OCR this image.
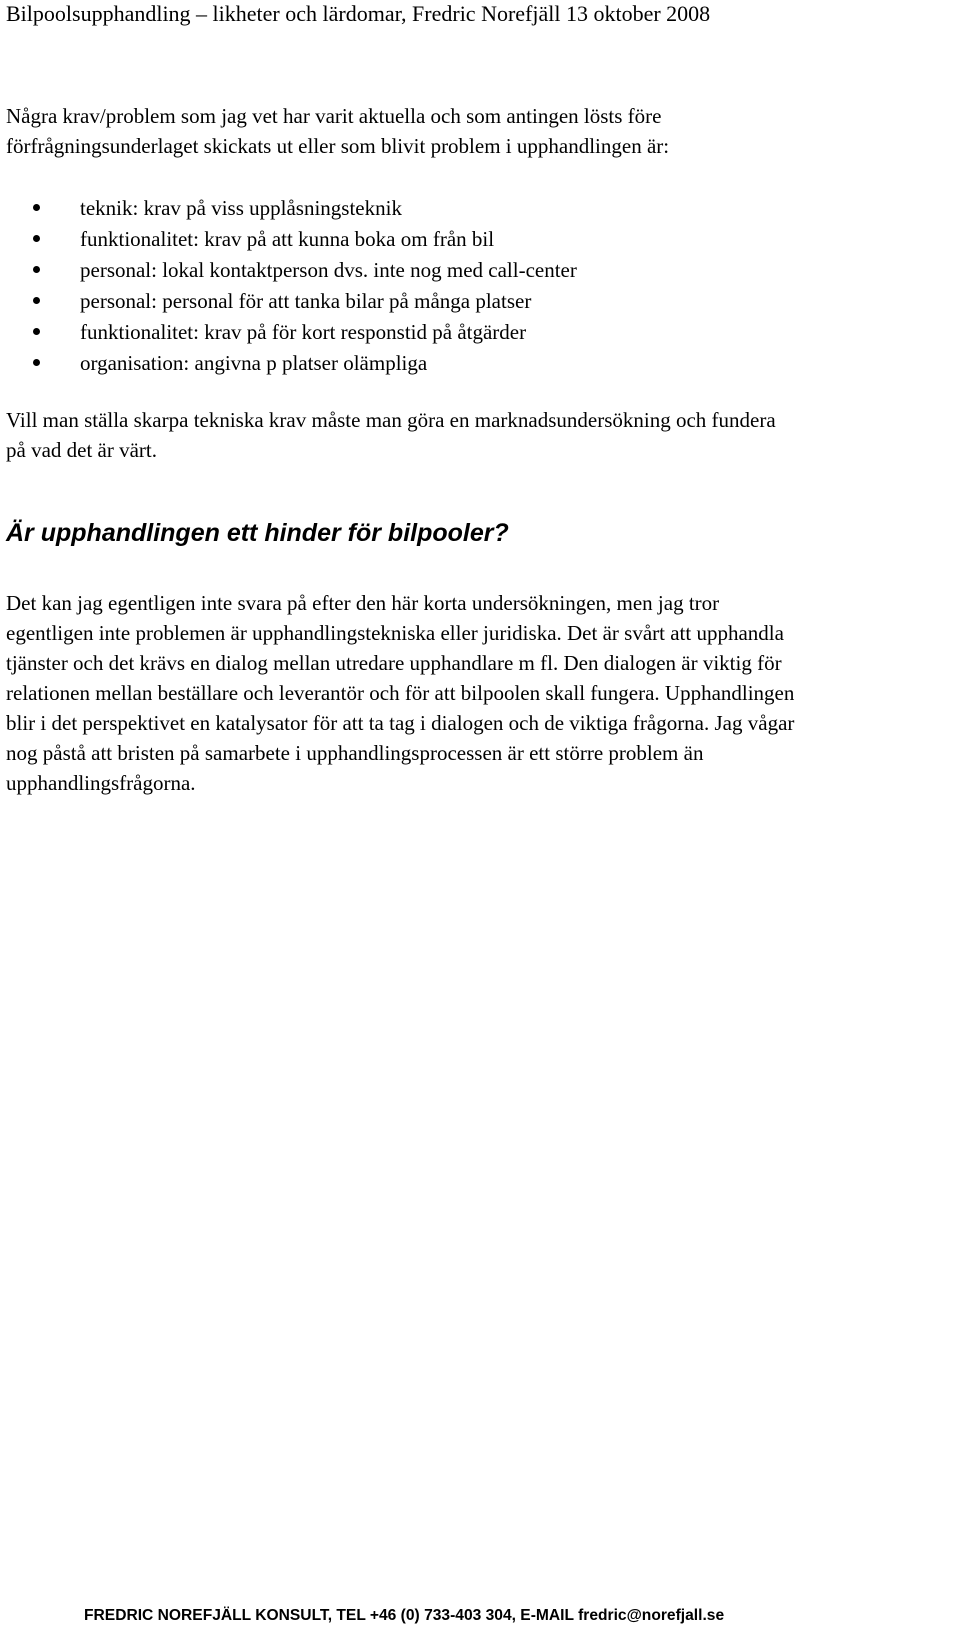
Bilpoolsupphandling – likheter och lärdomar, Fredric Norefjäll 13 oktober 2008

Några krav/problem som jag vet har varit aktuella och som antingen lösts före
förfrågningsunderlaget skickats ut eller som blivit problem i upphandlingen är:

teknik: krav på viss upplåsningsteknik
funktionalitet: krav på att kunna boka om från bil
personal: lokal kontaktperson dvs. inte nog med call-center
personal: personal för att tanka bilar på många platser
funktionalitet: krav på för kort responstid på åtgärder
organisation: angivna p platser olämpliga

Vill man ställa skarpa tekniska krav måste man göra en marknadsundersökning och fundera
på vad det är värt.

Är upphandlingen ett hinder för bilpooler?

Det kan jag egentligen inte svara på efter den här korta undersökningen, men jag tror
egentligen inte problemen är upphandlingstekniska eller juridiska. Det är svårt att upphandla
tjänster och det krävs en dialog mellan utredare upphandlare m fl. Den dialogen är viktig för
relationen mellan beställare och leverantör och för att bilpoolen skall fungera. Upphandlingen
blir i det perspektivet en katalysator för att ta tag i dialogen och de viktiga frågorna. Jag vågar
nog påstå att bristen på samarbete i upphandlingsprocessen är ett större problem än
upphandlingsfrågorna.

FREDRIC NOREFJÄLL KONSULT, TEL +46 (0) 733-403 304, E-MAIL fredric@norefjall.se
